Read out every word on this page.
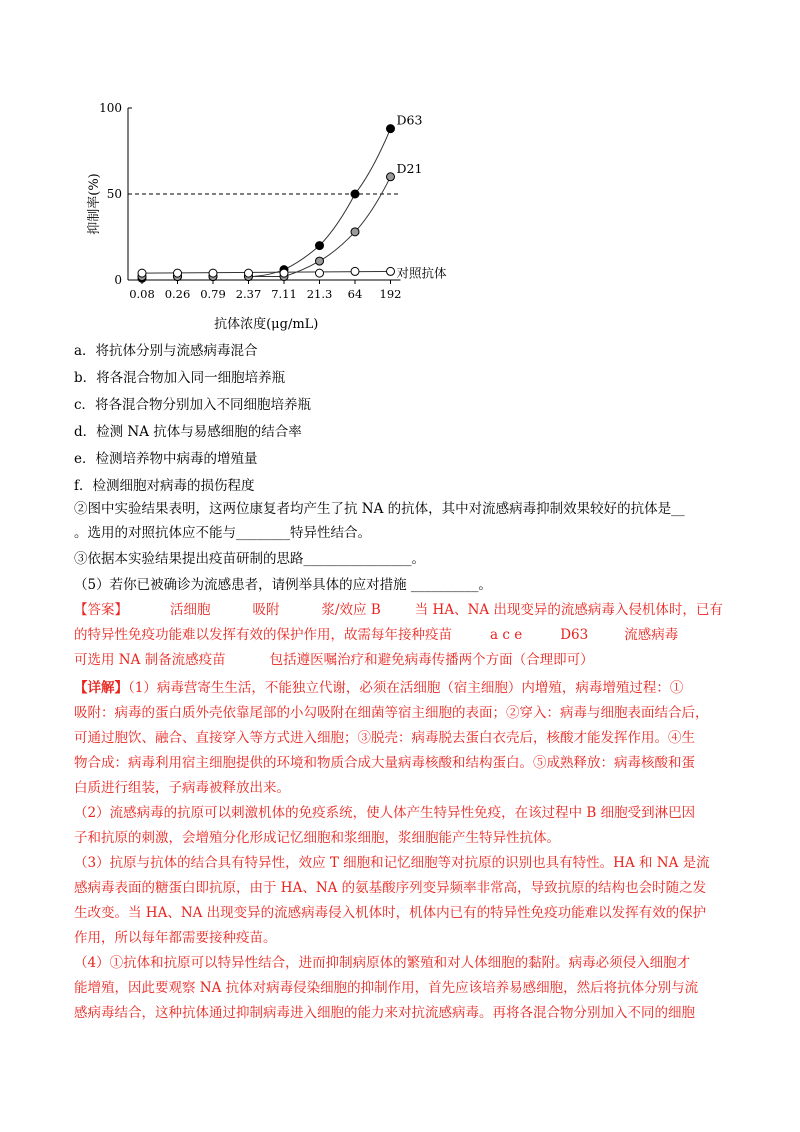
0
50
100
0.08 0.26 0.79 2.37 7.11 21.3 64 192
抗体浓度(μg/mL)
抑制率(%)
D63
D21
对照抗体
a．将抗体分别与流感病毒混合
b．将各混合物加入同一细胞培养瓶
c．将各混合物分别加入不同细胞培养瓶
d．检测 NA 抗体与易感细胞的结合率
e．检测培养物中病毒的增殖量
f．检测细胞对病毒的损伤程度
②图中实验结果表明，这两位康复者均产生了抗 NA 的抗体，其中对流感病毒抑制效果较好的抗体是__
。选用的对照抗体应不能与________特异性结合。
③依据本实验结果提出疫苗研制的思路________________。
（5）若你已被确诊为流感患者，请例举具体的应对措施 __________。
【答案】	活细胞	吸附	浆/效应 B	当 HA、NA 出现变异的流感病毒入侵机体时，已有
的特异性免疫功能难以发挥有效的保护作用，故需每年接种疫苗	a c e	D63	流感病毒
可选用 NA 制备流感疫苗	包括遵医嘱治疗和避免病毒传播两个方面（合理即可）
【详解】（1）病毒营寄生生活，不能独立代谢，必须在活细胞（宿主细胞）内增殖，病毒增殖过程：①
吸附：病毒的蛋白质外壳依靠尾部的小勾吸附在细菌等宿主细胞的表面；②穿入：病毒与细胞表面结合后，
可通过胞饮、融合、直接穿入等方式进入细胞；③脱壳：病毒脱去蛋白衣壳后，核酸才能发挥作用。④生
物合成：病毒利用宿主细胞提供的环境和物质合成大量病毒核酸和结构蛋白。⑤成熟释放：病毒核酸和蛋
白质进行组装，子病毒被释放出来。
（2）流感病毒的抗原可以刺激机体的免疫系统，使人体产生特异性免疫，在该过程中 B 细胞受到淋巴因
子和抗原的刺激，会增殖分化形成记忆细胞和浆细胞，浆细胞能产生特异性抗体。
（3）抗原与抗体的结合具有特异性，效应 T 细胞和记忆细胞等对抗原的识别也具有特性。HA 和 NA 是流
感病毒表面的糖蛋白即抗原，由于 HA、NA 的氨基酸序列变异频率非常高，导致抗原的结构也会时随之发
生改变。当 HA、NA 出现变异的流感病毒侵入机体时，机体内已有的特异性免疫功能难以发挥有效的保护
作用，所以每年都需要接种疫苗。
（4）①抗体和抗原可以特异性结合，进而抑制病原体的繁殖和对人体细胞的黏附。病毒必须侵入细胞才
能增殖，因此要观察 NA 抗体对病毒侵染细胞的抑制作用，首先应该培养易感细胞，然后将抗体分别与流
感病毒结合，这种抗体通过抑制病毒进入细胞的能力来对抗流感病毒。再将各混合物分别加入不同的细胞
